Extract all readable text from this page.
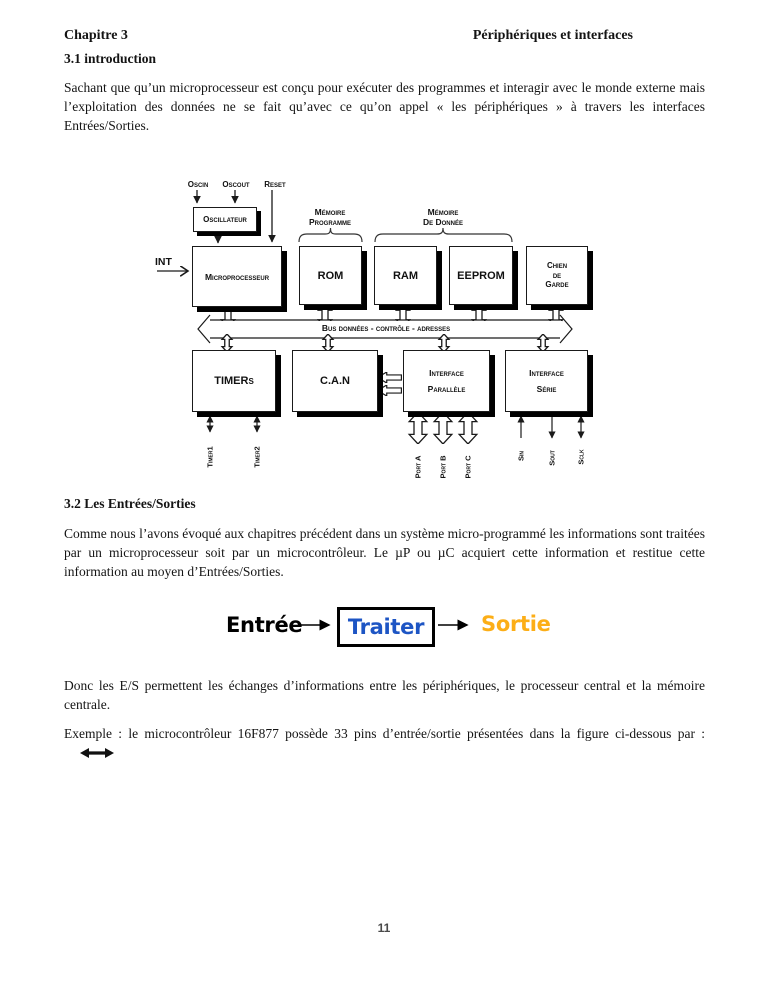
Chapitre 3	Périphériques et interfaces
3.1 introduction
Sachant que qu’un microprocesseur est conçu pour exécuter des programmes et interagir avec le monde externe mais l’exploitation des données ne se fait qu’avec ce qu’on appel « les périphériques » à travers les interfaces Entrées/Sorties.
Oscin	Oscout	Reset
INT
Mémoire
Programme
Mémoire
De Donnée
Oscillateur
Microprocesseur	ROM	RAM	EEPROM
Chien
de
Garde
TIMERs	C.A.N
Interface
Parallèle
Interface
Série
Bus données - contrôle - adresses
Timer1	Timer2	Port A Port B Port C	Sin	Sout	Sclk
3.2 Les Entrées/Sorties
Comme nous l’avons évoqué aux chapitres précédent dans un système micro-programmé les informations sont traitées par un microprocesseur soit par un microcontrôleur. Le µP ou µC acquiert cette information et restitue cette information au moyen d’Entrées/Sorties.
Entrée Traiter	Sortie
Donc les E/S permettent les échanges d’informations entre les périphériques, le processeur central et la mémoire centrale.
Exemple : le microcontrôleur 16F877 possède 33 pins d’entrée/sortie présentées dans la figure ci-dessous par :
11
